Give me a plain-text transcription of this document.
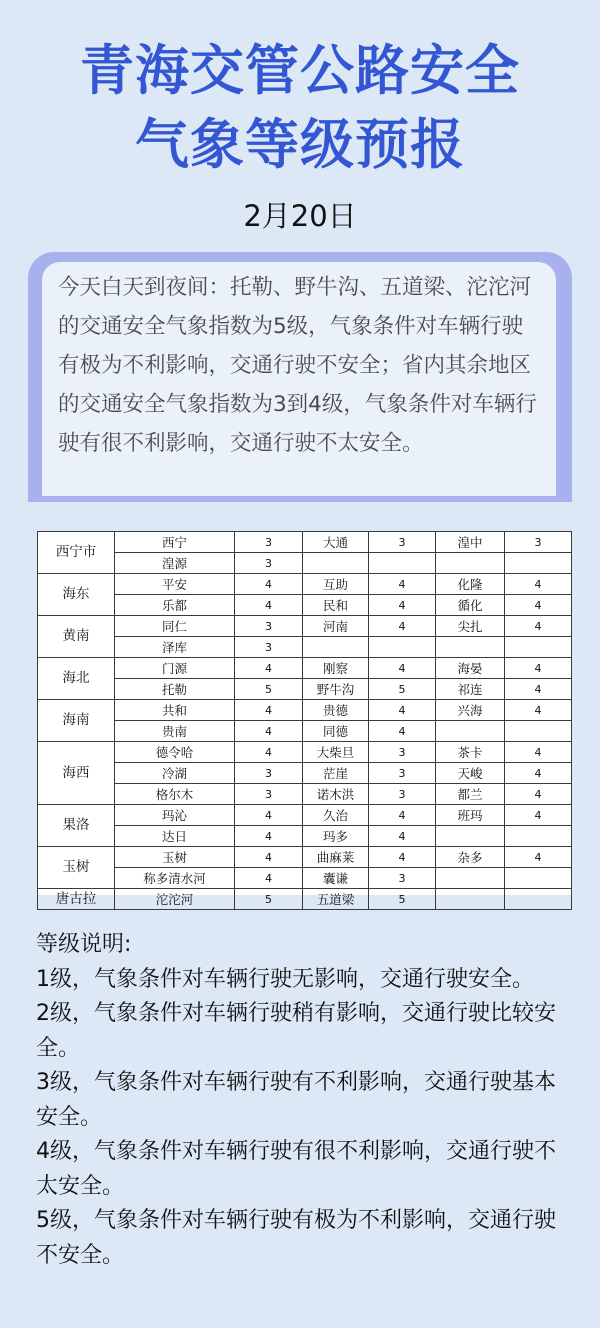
青海交管公路安全
气象等级预报
2月20日
今天白天到夜间：托勒、野牛沟、五道梁、沱沱河的交通安全气象指数为5级，气象条件对车辆行驶有极为不利影响，交通行驶不安全；省内其余地区的交通安全气象指数为3到4级，气象条件对车辆行驶有很不利影响，交通行驶不太安全。
西宁市	西宁	3	大通	3	湟中	3
	湟源	3				
海东	平安	4	互助	4	化隆	4
	乐都	4	民和	4	循化	4
黄南	同仁	3	河南	4	尖扎	4
	泽库	3				
海北	门源	4	刚察	4	海晏	4
	托勒	5	野牛沟	5	祁连	4
海南	共和	4	贵德	4	兴海	4
	贵南	4	同德	4		
海西	德令哈	4	大柴旦	3	茶卡	4
	冷湖	3	茫崖	3	天峻	4
	格尔木	3	诺木洪	3	都兰	4
果洛	玛沁	4	久治	4	班玛	4
	达日	4	玛多	4		
玉树	玉树	4	曲麻莱	4	杂多	4
	称多清水河	4	囊谦	3		
唐古拉	沱沱河	5	五道梁	5		

等级说明:

1级，气象条件对车辆行驶无影响，交通行驶安全。

2级，气象条件对车辆行驶稍有影响，交通行驶比较安全。

3级，气象条件对车辆行驶有不利影响，交通行驶基本安全。

4级，气象条件对车辆行驶有很不利影响，交通行驶不太安全。

5级，气象条件对车辆行驶有极为不利影响，交通行驶不安全。
